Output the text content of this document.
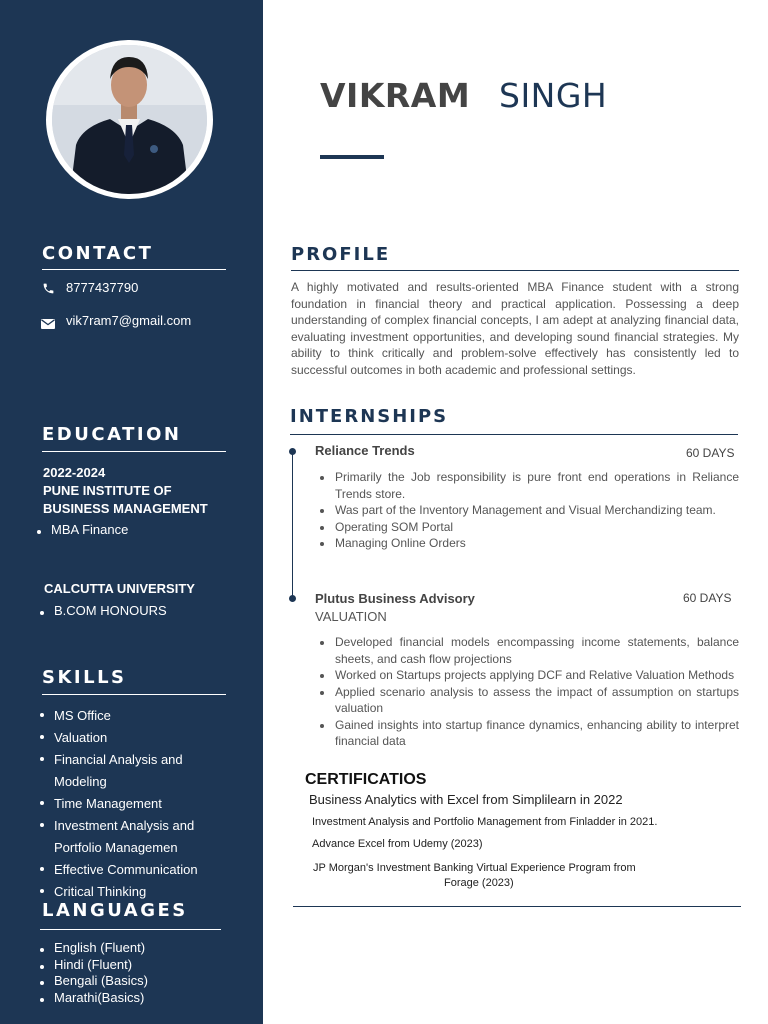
CONTACT
8777437790
vik7ram7@gmail.com
EDUCATION
2022-2024
PUNE INSTITUTE OF
BUSINESS MANAGEMENT
MBA Finance
CALCUTTA UNIVERSITY
B.COM HONOURS
SKILLS
MS Office
Valuation
Financial Analysis and
Modeling
Time Management
Investment Analysis and
Portfolio Managemen
Effective Communication
Critical Thinking
LANGUAGES
English (Fluent)
Hindi (Fluent)
Bengali (Basics)
Marathi(Basics)
VIKRAM SINGH
PROFILE
A highly motivated and results-oriented MBA Finance student with a strong foundation in financial theory and practical application. Possessing a deep understanding of complex financial concepts, I am adept at analyzing financial data, evaluating investment opportunities, and developing sound financial strategies. My ability to think critically and problem-solve effectively has consistently led to successful outcomes in both academic and professional settings.
INTERNSHIPS
Reliance Trends	60 DAYS
Primarily the Job responsibility is pure front end operations in Reliance Trends store.
Was part of the Inventory Management and Visual Merchandizing team.
Operating SOM Portal
Managing Online Orders
Plutus Business Advisory	60 DAYS
VALUATION
Developed financial models encompassing income statements, balance sheets, and cash flow projections
Worked on Startups projects applying DCF and Relative Valuation Methods
Applied scenario analysis to assess the impact of assumption on startups valuation
Gained insights into startup finance dynamics, enhancing ability to interpret financial data
CERTIFICATIOS
Business Analytics with Excel from Simplilearn in 2022
Investment Analysis and Portfolio Management from Finladder in 2021.
Advance Excel from Udemy (2023)
JP Morgan's Investment Banking Virtual Experience Program from
Forage (2023)
